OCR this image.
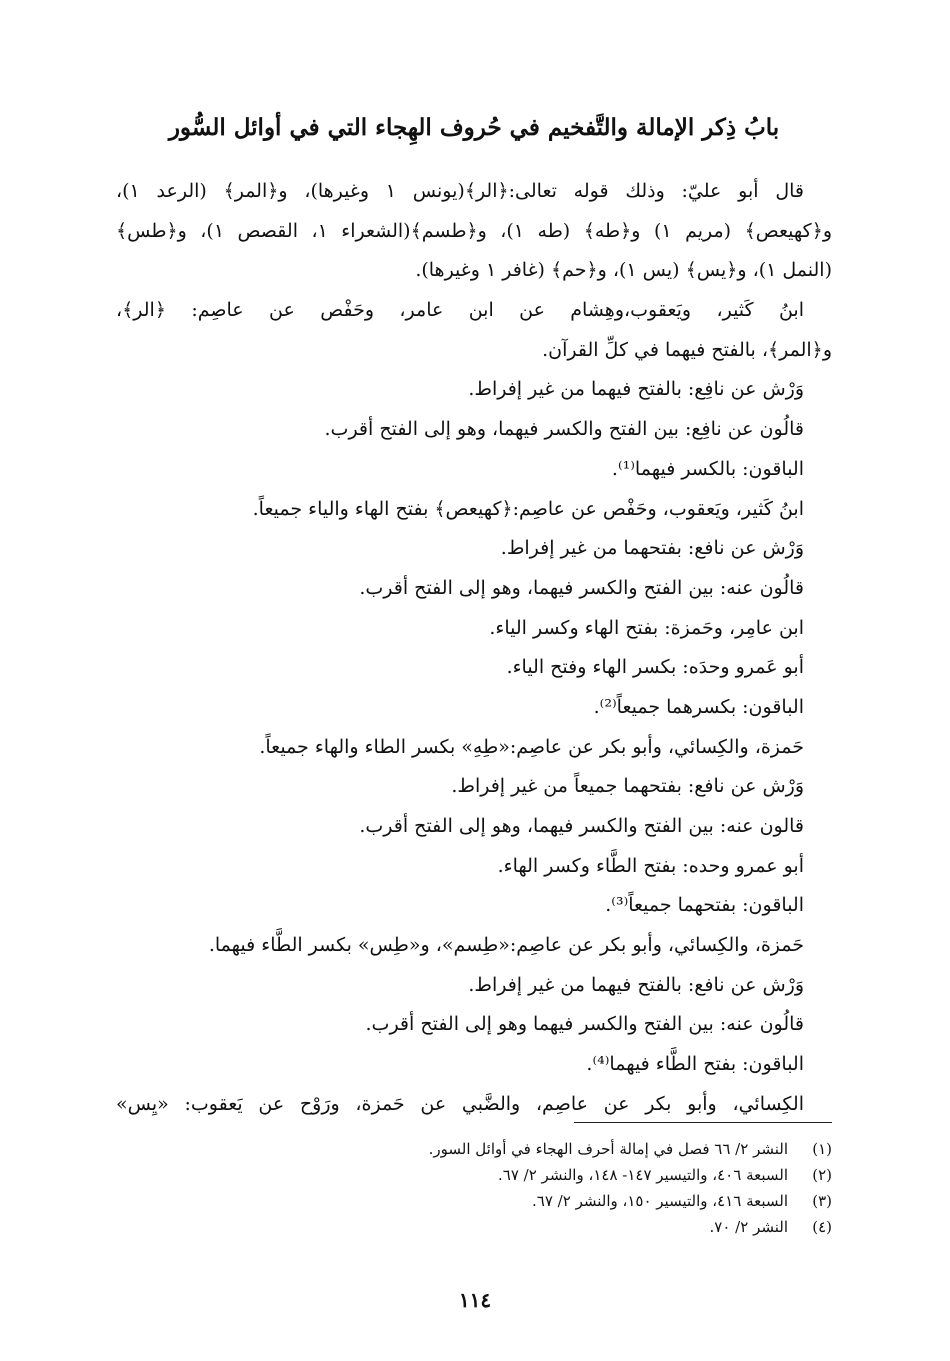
بابُ ذِكر الإمالة والتَّفخيم في حُروف الهِجاء التي في أوائل السُّور
قال أبو عليّ: وذلك قوله تعالى:﴿الر﴾(يونس ١ وغيرها)، و﴿المر﴾ (الرعد ١)،
و﴿كهيعص﴾ (مريم ١) و﴿طه﴾ (طه ١)، و﴿طسم﴾(الشعراء ١، القصص ١)، و﴿طس﴾
(النمل ١)، و﴿يس﴾ (يس ١)، و﴿حم﴾ (غافر ١ وغيرها).
ابنُ كَثير، ويَعقوب،وهِشام عن ابن عامر، وحَفْص عن عاصِم: ﴿الر﴾،
و﴿المر﴾، بالفتح فيهما في كلِّ القرآن.
وَرْش عن نافِع: بالفتح فيهما من غير إفراط.
قالُون عن نافِع: بين الفتح والكسر فيهما، وهو إلى الفتح أقرب.
الباقون: بالكسر فيهما⁽¹⁾.
ابنُ كَثير، ويَعقوب، وحَفْص عن عاصِم:﴿كهيعص﴾ بفتح الهاء والياء جميعاً.
وَرْش عن نافع: بفتحهما من غير إفراط.
قالُون عنه: بين الفتح والكسر فيهما، وهو إلى الفتح أقرب.
ابن عامِر، وحَمزة: بفتح الهاء وكسر الياء.
أبو عَمرو وحدَه: بكسر الهاء وفتح الياء.
الباقون: بكسرهما جميعاً⁽²⁾.
حَمزة، والكِسائي، وأبو بكر عن عاصِم:«طِهِ» بكسر الطاء والهاء جميعاً.
وَرْش عن نافع: بفتحهما جميعاً من غير إفراط.
قالون عنه: بين الفتح والكسر فيهما، وهو إلى الفتح أقرب.
أبو عمرو وحده: بفتح الطَّاء وكسر الهاء.
الباقون: بفتحهما جميعاً⁽³⁾.
حَمزة، والكِسائي، وأبو بكر عن عاصِم:«طِسم»، و«طِس» بكسر الطَّاء فيهما.
وَرْش عن نافع: بالفتح فيهما من غير إفراط.
قالُون عنه: بين الفتح والكسر فيهما وهو إلى الفتح أقرب.
الباقون: بفتح الطَّاء فيهما⁽⁴⁾.
الكِسائي، وأبو بكر عن عاصِم، والضَّبي عن حَمزة، ورَوْح عن يَعقوب: «يِس»
(١)النشر ٢/ ٦٦ فصل في إمالة أحرف الهجاء في أوائل السور.
(٢)السبعة ٤٠٦، والتيسير ١٤٧- ١٤٨، والنشر ٢/ ٦٧.
(٣)السبعة ٤١٦، والتيسير ١٥٠، والنشر ٢/ ٦٧.
(٤)النشر ٢/ ٧٠.
١١٤
